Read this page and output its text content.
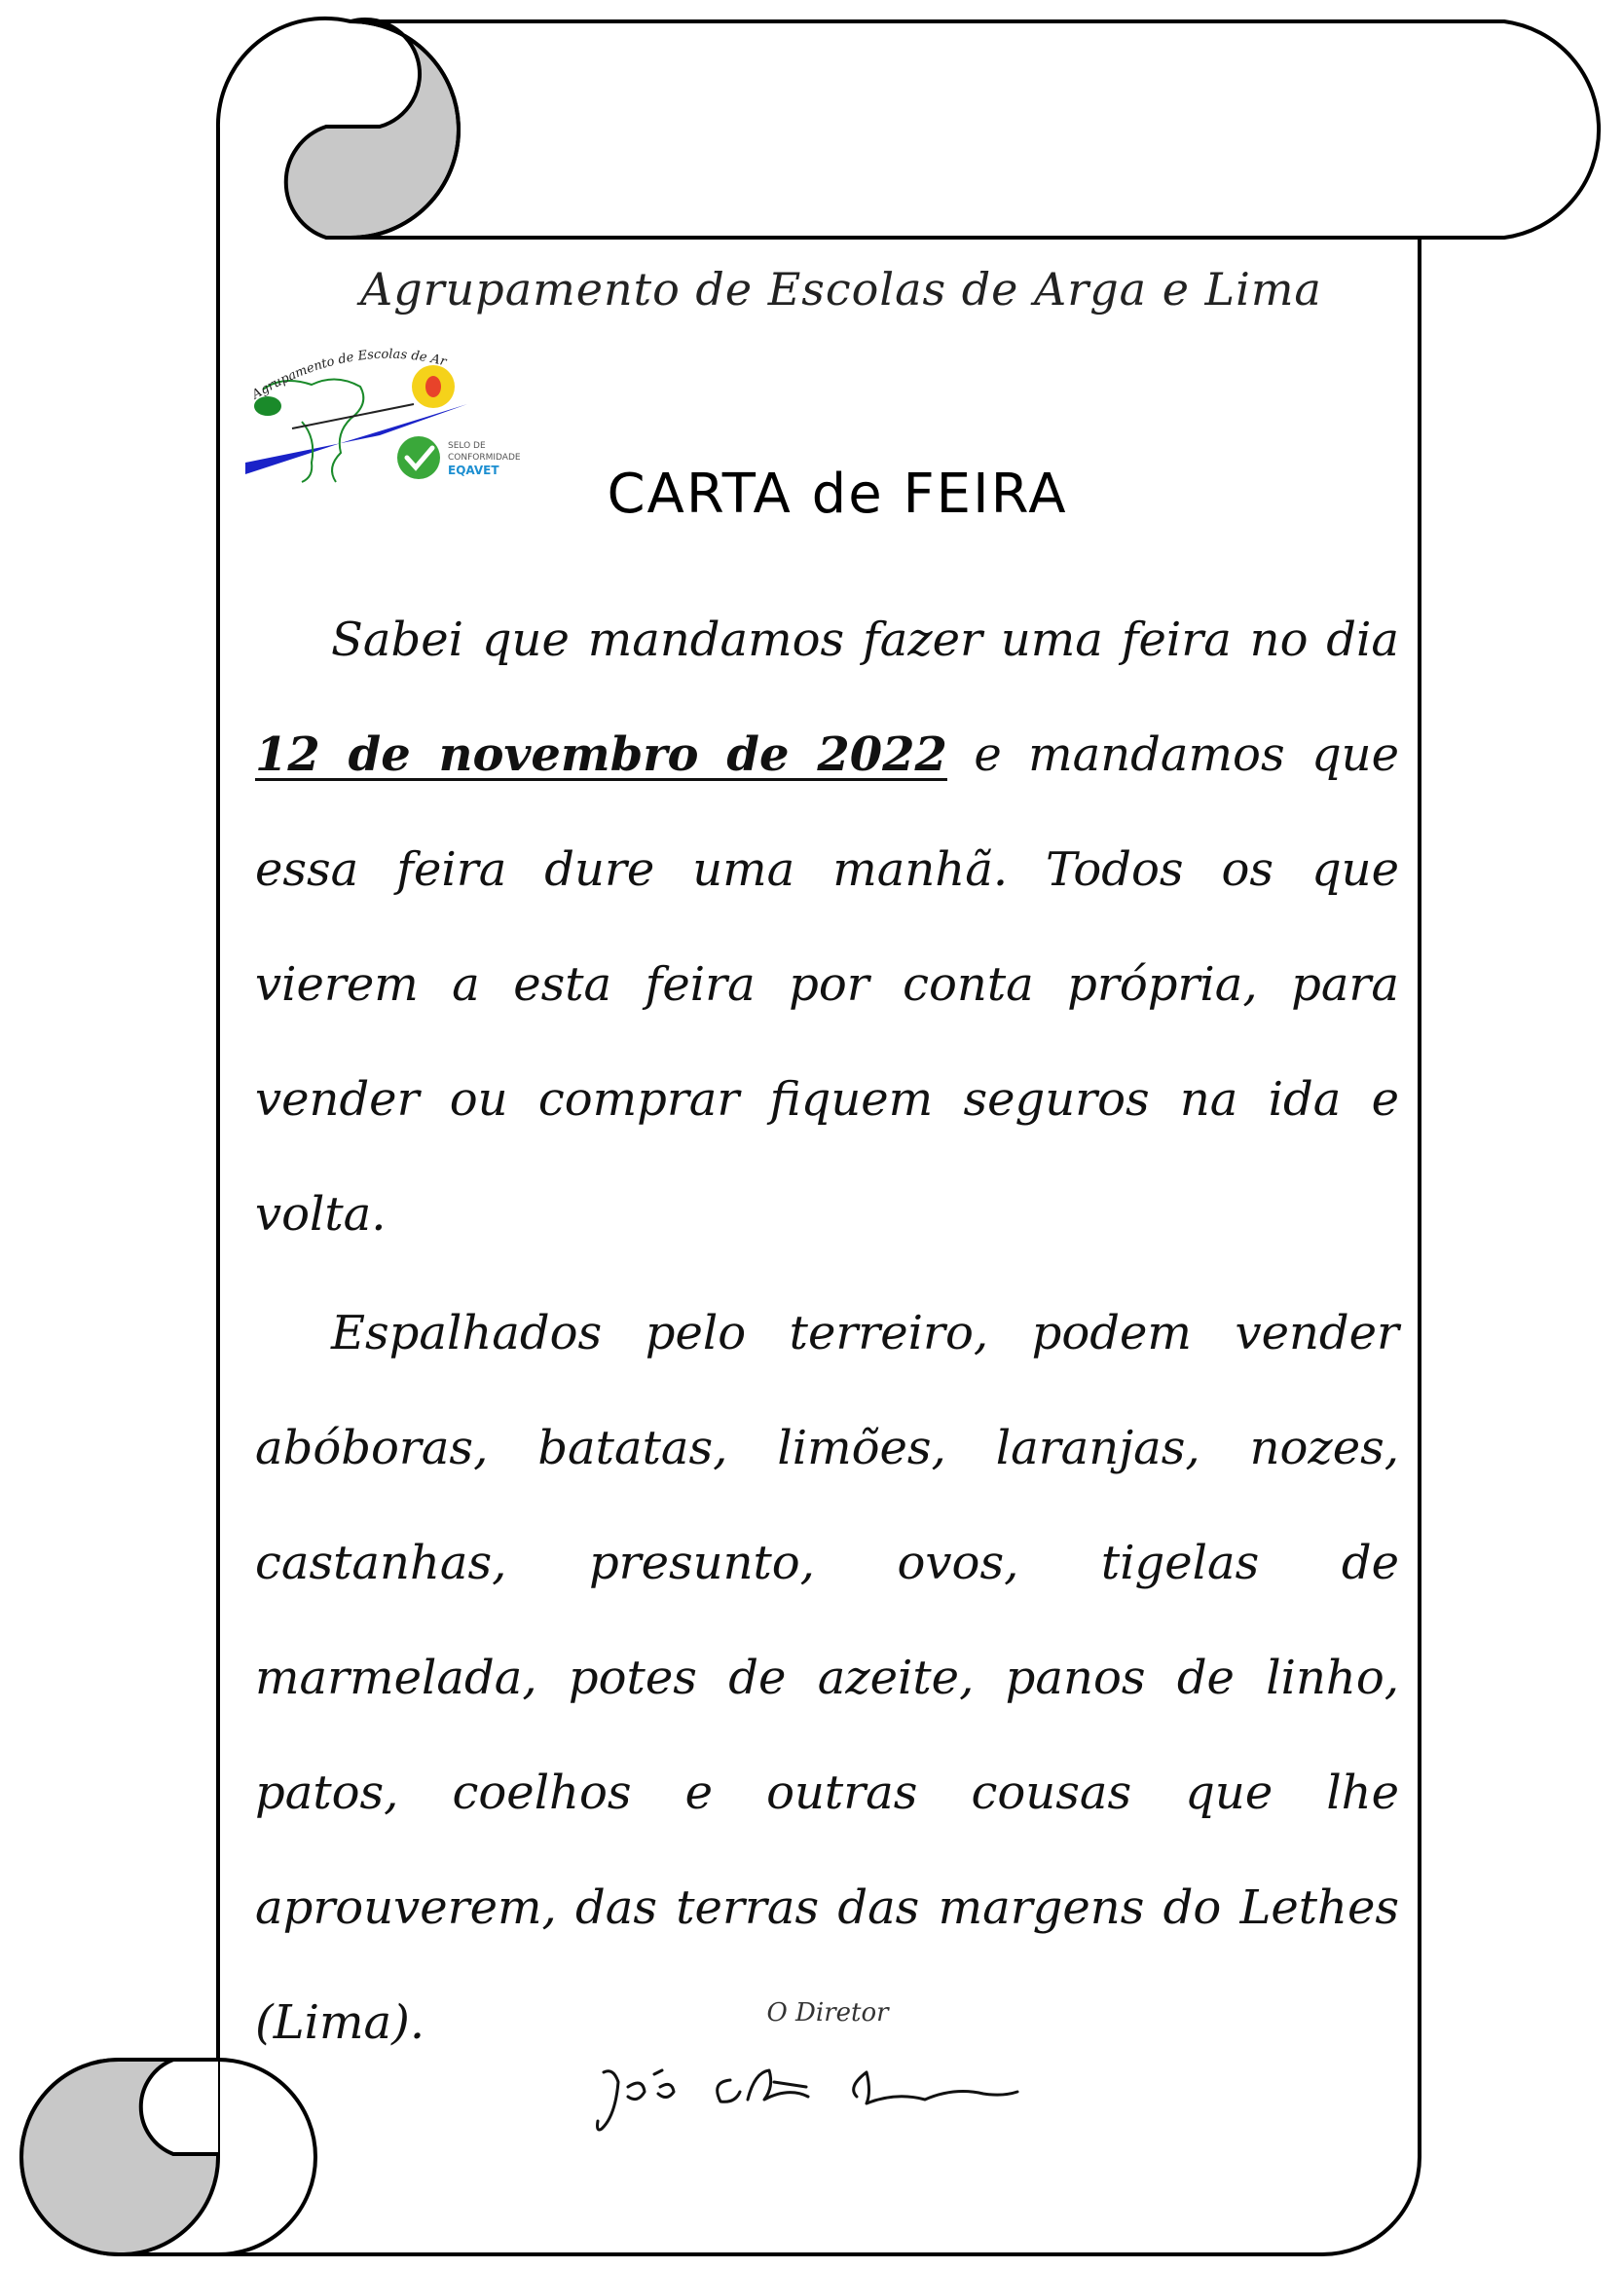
Agrupamento de Escolas de Arga e Lima
Agrupamento de Escolas de Ar
SELO DE
CONFORMIDADE
EQAVET	CARTA de FEIRA

Sabei que mandamos fazer uma feira no dia 12 de novembro de 2022 e mandamos que essa feira dure uma manhã. Todos os que vierem a esta feira por conta própria, para vender ou comprar fiquem seguros na ida e volta.

Espalhados pelo terreiro, podem vender abóboras, batatas, limões, laranjas, nozes, castanhas, presunto, ovos, tigelas de marmelada, potes de azeite, panos de linho, patos, coelhos e outras cousas que lhe aprouverem, das terras das margens do Lethes (Lima).	O Diretor
